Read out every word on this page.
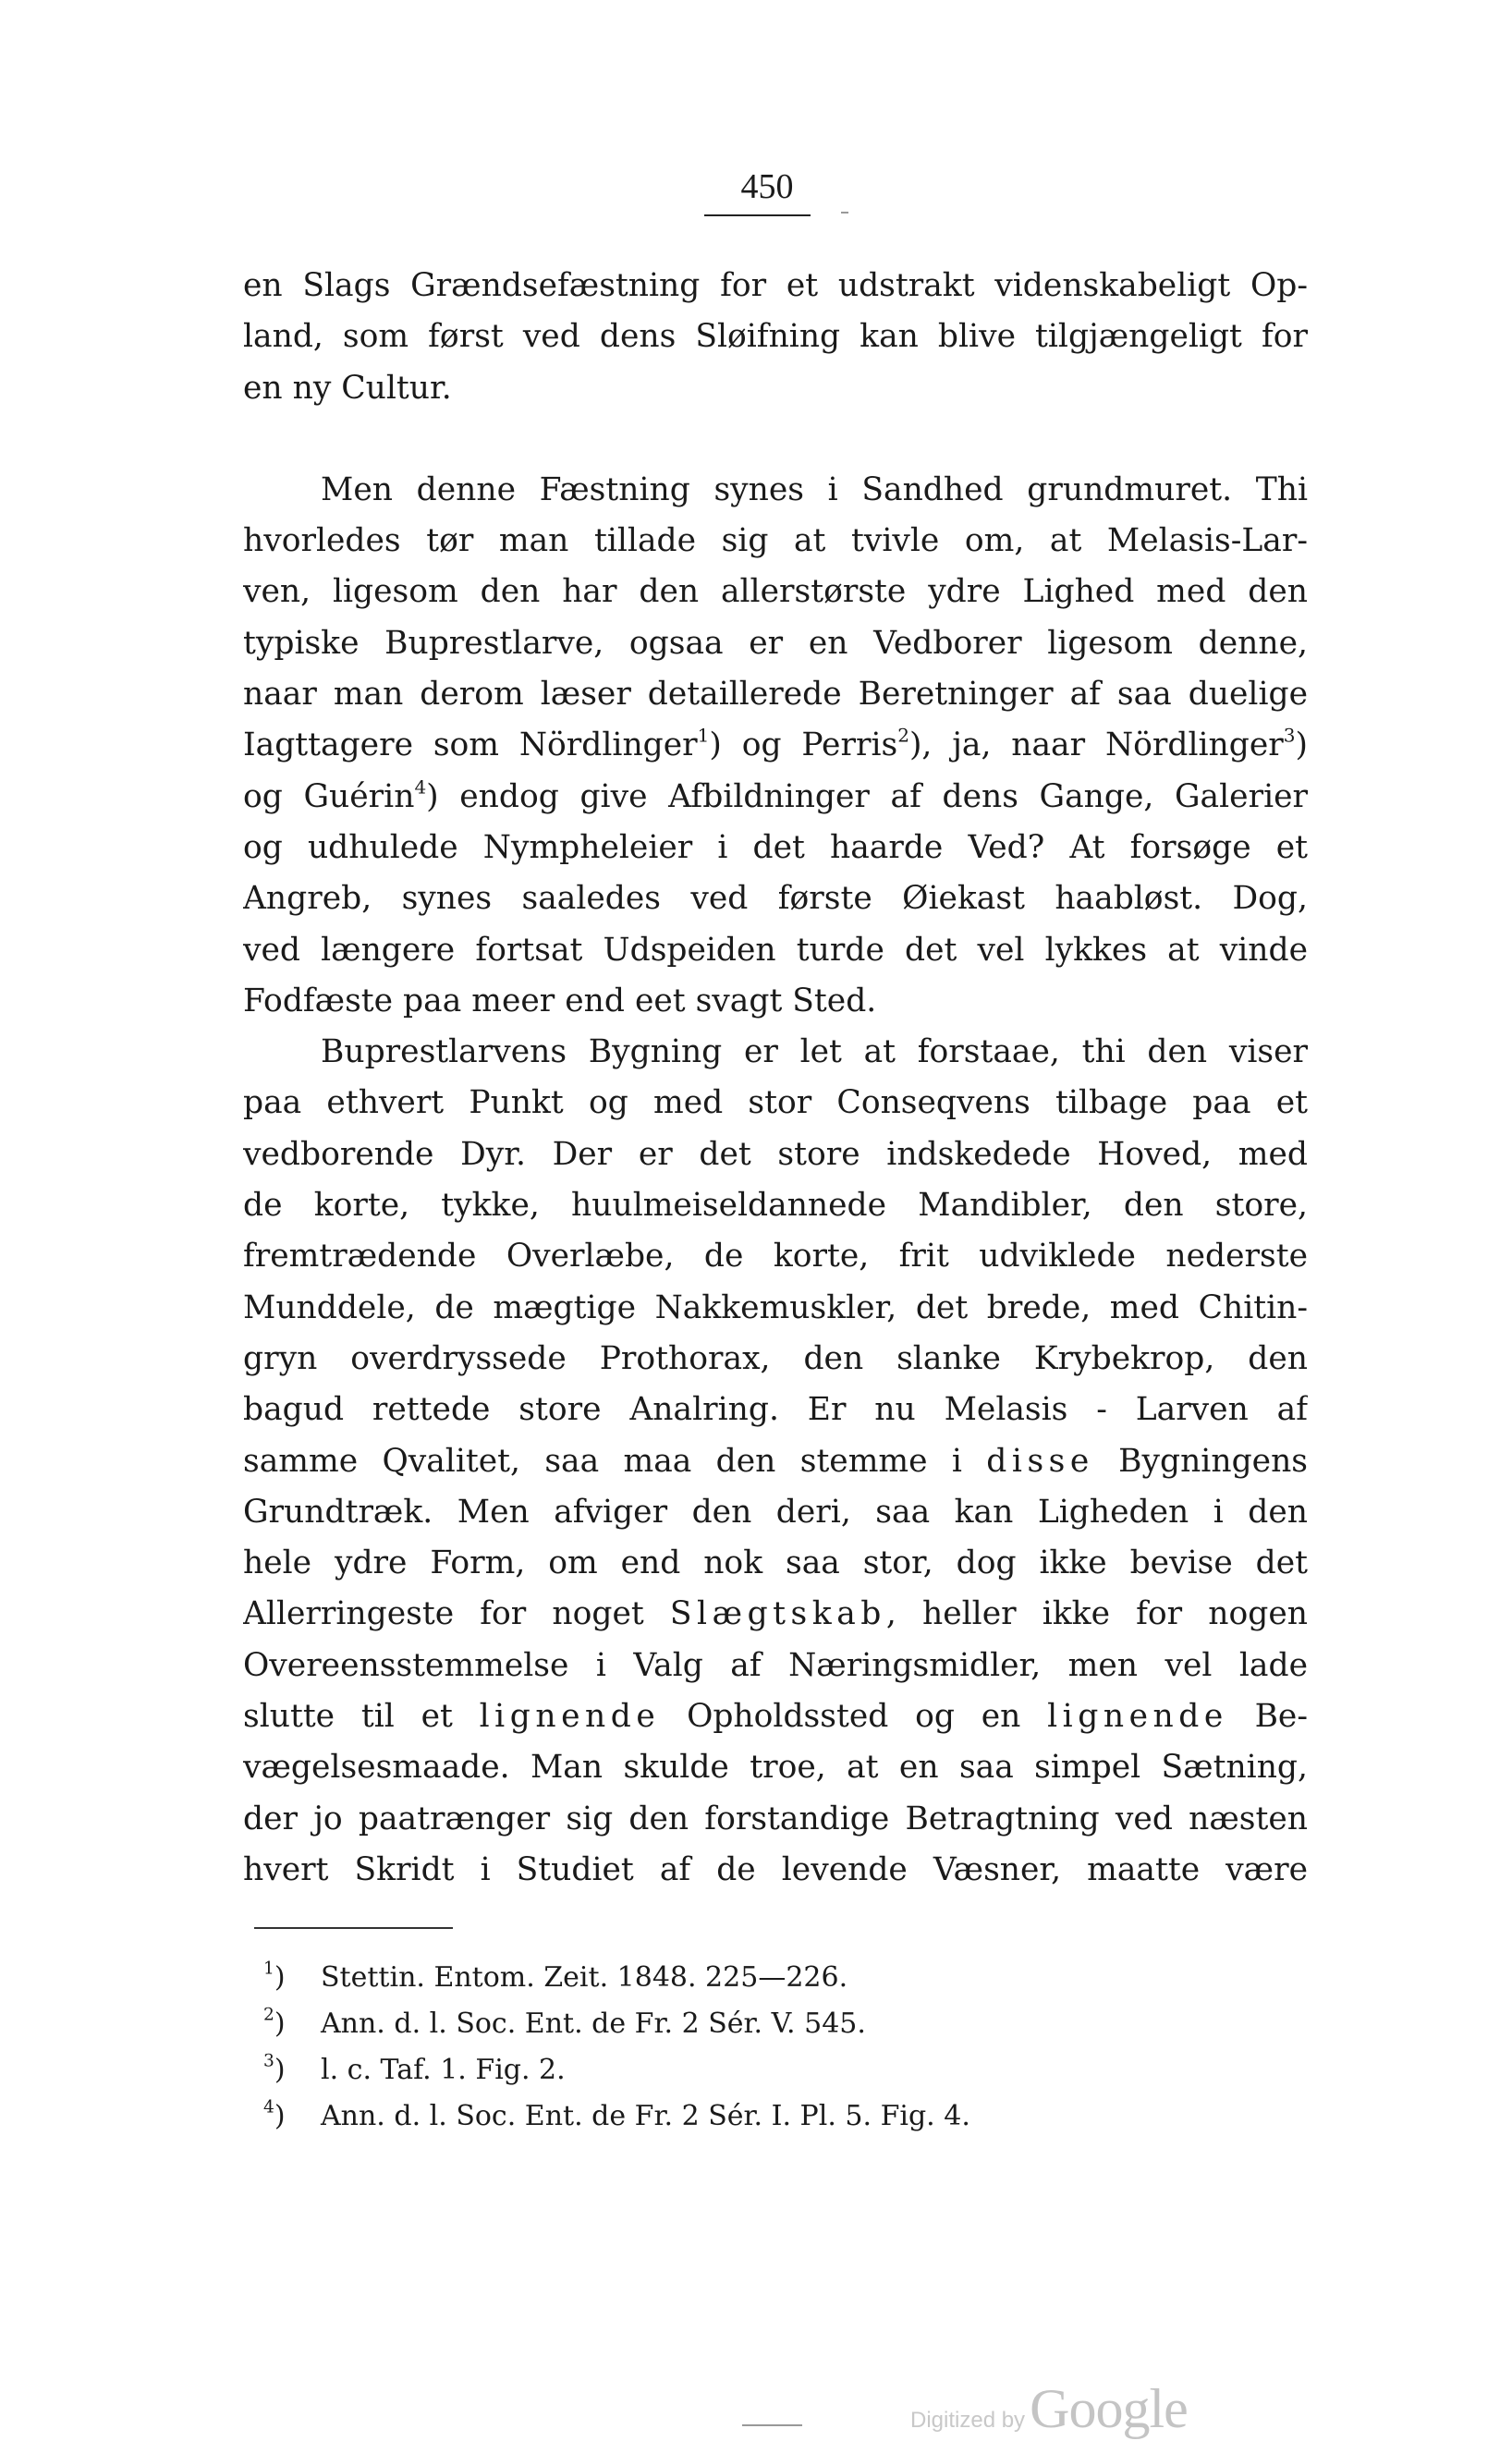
450
en Slags Grændsefæstning for et udstrakt videnskabeligt Op-
land, som først ved dens Sløifning kan blive tilgjængeligt for
en ny Cultur.
Men denne Fæstning synes i Sandhed grundmuret. Thi
hvorledes tør man tillade sig at tvivle om, at Melasis-Lar-
ven, ligesom den har den allerstørste ydre Lighed med den
typiske Buprestlarve, ogsaa er en Vedborer ligesom denne,
naar man derom læser detaillerede Beretninger af saa duelige
Iagttagere som Nördlinger$^1$) og Perris$^2$), ja, naar Nördlinger$^3$)
og Guérin$^4$) endog give Afbildninger af dens Gange, Galerier
og udhulede Nympheleier i det haarde Ved? At forsøge et
Angreb, synes saaledes ved første Øiekast haabløst. Dog,
ved længere fortsat Udspeiden turde det vel lykkes at vinde
Fodfæste paa meer end eet svagt Sted.
Buprestlarvens Bygning er let at forstaae, thi den viser
paa ethvert Punkt og med stor Conseqvens tilbage paa et
vedborende Dyr. Der er det store indskedede Hoved, med
de korte, tykke, huulmeiseldannede Mandibler, den store,
fremtrædende Overlæbe, de korte, frit udviklede nederste
Munddele, de mægtige Nakkemuskler, det brede, med Chitin-
gryn overdryssede Prothorax, den slanke Krybekrop, den
bagud rettede store Analring. Er nu Melasis - Larven af
samme Qvalitet, saa maa den stemme i disse Bygningens
Grundtræk. Men afviger den deri, saa kan Ligheden i den
hele ydre Form, om end nok saa stor, dog ikke bevise det
Allerringeste for noget Slægtskab, heller ikke for nogen
Overeensstemmelse i Valg af Næringsmidler, men vel lade
slutte til et lignende Opholdssted og en lignende Be-
vægelsesmaade. Man skulde troe, at en saa simpel Sætning,
der jo paatrænger sig den forstandige Betragtning ved næsten
hvert Skridt i Studiet af de levende Væsner, maatte være
$^1$) Stettin. Entom. Zeit. 1848. 225—226.
$^2$) Ann. d. l. Soc. Ent. de Fr. 2 Sér. V. 545.
$^3$) l. c. Taf. 1. Fig. 2.
$^4$) Ann. d. l. Soc. Ent. de Fr. 2 Sér. I. Pl. 5. Fig. 4.
Digitized by Google
